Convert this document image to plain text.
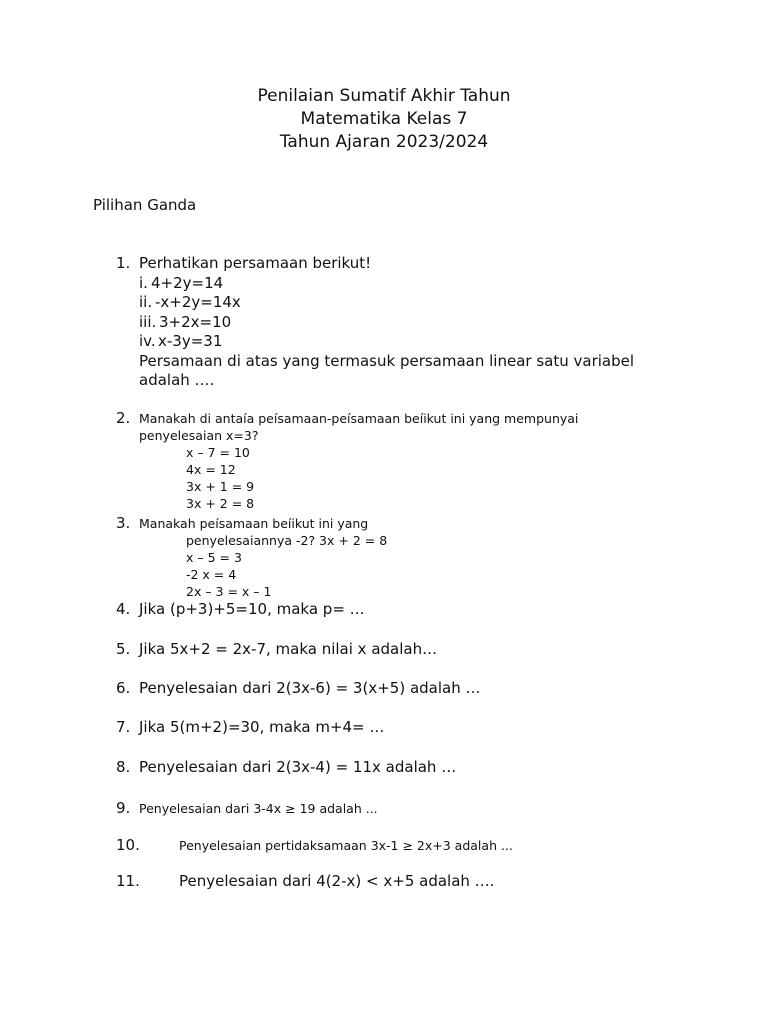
Penilaian Sumatif Akhir Tahun
Matematika Kelas 7
Tahun Ajaran 2023/2024
Pilihan Ganda
1. Perhatikan persamaan berikut!
i. 4+2y=14
ii. -x+2y=14x
iii. 3+2x=10
iv. x-3y=31
Persamaan di atas yang termasuk persamaan linear satu variabel
adalah ….
2. Manakah di antaía peísamaan-peísamaan beíikut ini yang mempunyai
penyelesaian x=3?
x – 7 = 10
4x = 12
3x + 1 = 9
3x + 2 = 8
3. Manakah peísamaan beíikut ini yang
penyelesaiannya -2? 3x + 2 = 8
x – 5 = 3
-2 x = 4
2x – 3 = x – 1
4. Jika (p+3)+5=10, maka p= …
5. Jika 5x+2 = 2x-7, maka nilai x adalah…
6. Penyelesaian dari 2(3x-6) = 3(x+5) adalah …
7. Jika 5(m+2)=30, maka m+4= …
8. Penyelesaian dari 2(3x-4) = 11x adalah …
9. Penyelesaian dari 3-4x ≥ 19 adalah ...
10.	Penyelesaian pertidaksamaan 3x-1 ≥ 2x+3 adalah ...
11.	Penyelesaian dari 4(2-x) < x+5 adalah ….
